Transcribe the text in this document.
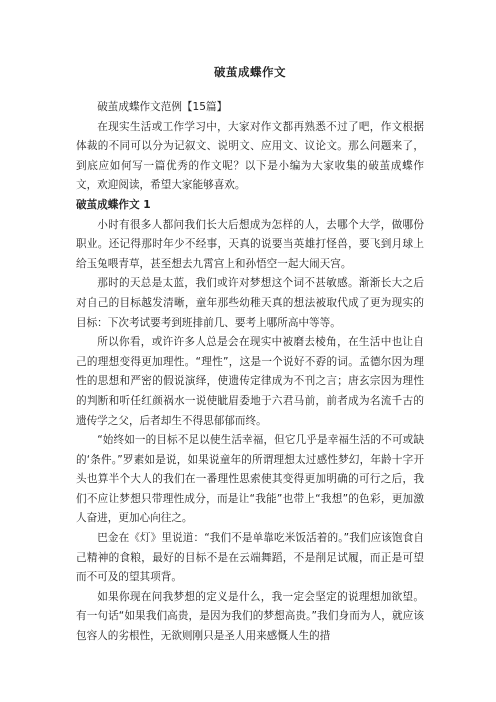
破茧成蝶作文

破茧成蝶作文范例【15篇】

在现实生活或工作学习中，大家对作文都再熟悉不过了吧，作文根据体裁的不同可以分为记叙文、说明文、应用文、议论文。那么问题来了，到底应如何写一篇优秀的作文呢？以下是小编为大家收集的破茧成蝶作文，欢迎阅读，希望大家能够喜欢。

破茧成蝶作文 1

小时有很多人都问我们长大后想成为怎样的人，去哪个大学，做哪份职业。还记得那时年少不经事，天真的说要当英雄打怪兽，要飞到月球上给玉兔喂青草，甚至想去九霄宫上和孙悟空一起大闹天宫。

那时的天总是太蓝，我们或许对梦想这个词不甚敏感。渐渐长大之后对自己的目标越发清晰，童年那些幼稚天真的想法被取代成了更为现实的目标：下次考试要考到班排前几、要考上哪所高中等等。

所以你看，或许许多人总是会在现实中被磨去棱角，在生活中也让自己的理想变得更加理性。“理性”，这是一个说好不孬的词。孟德尔因为理性的思想和严密的假说演绎，使遗传定律成为不刊之言；唐玄宗因为理性的判断和听任红颜祸水一说使眦眉委地于六君马前，前者成为名流千古的遗传学之父，后者却生不得思郁郁而终。

“始终如一的目标不足以使生活幸福，但它几乎是幸福生活的不可或缺的‘条件。”罗素如是说，如果说童年的所谓理想太过感性梦幻，年龄十字开头也算半个大人的我们在一番理性思索使其变得更加明确的可行之后，我们不应让梦想只带理性成分，而是让“我能”也带上“我想”的色彩，更加激人奋进，更加心向往之。

巴金在《灯》里说道：“我们不是单靠吃米饭活着的。”我们应该饱食自己精神的食粮，最好的目标不是在云端舞蹈，不是削足试履，而正是可望而不可及的望其项背。

如果你现在问我梦想的定义是什么，我一定会坚定的说理想加欲望。有一句话“如果我们高贵，是因为我们的梦想高贵。”我们身而为人，就应该包容人的劣根性，无欲则刚只是圣人用来感慨人生的措
